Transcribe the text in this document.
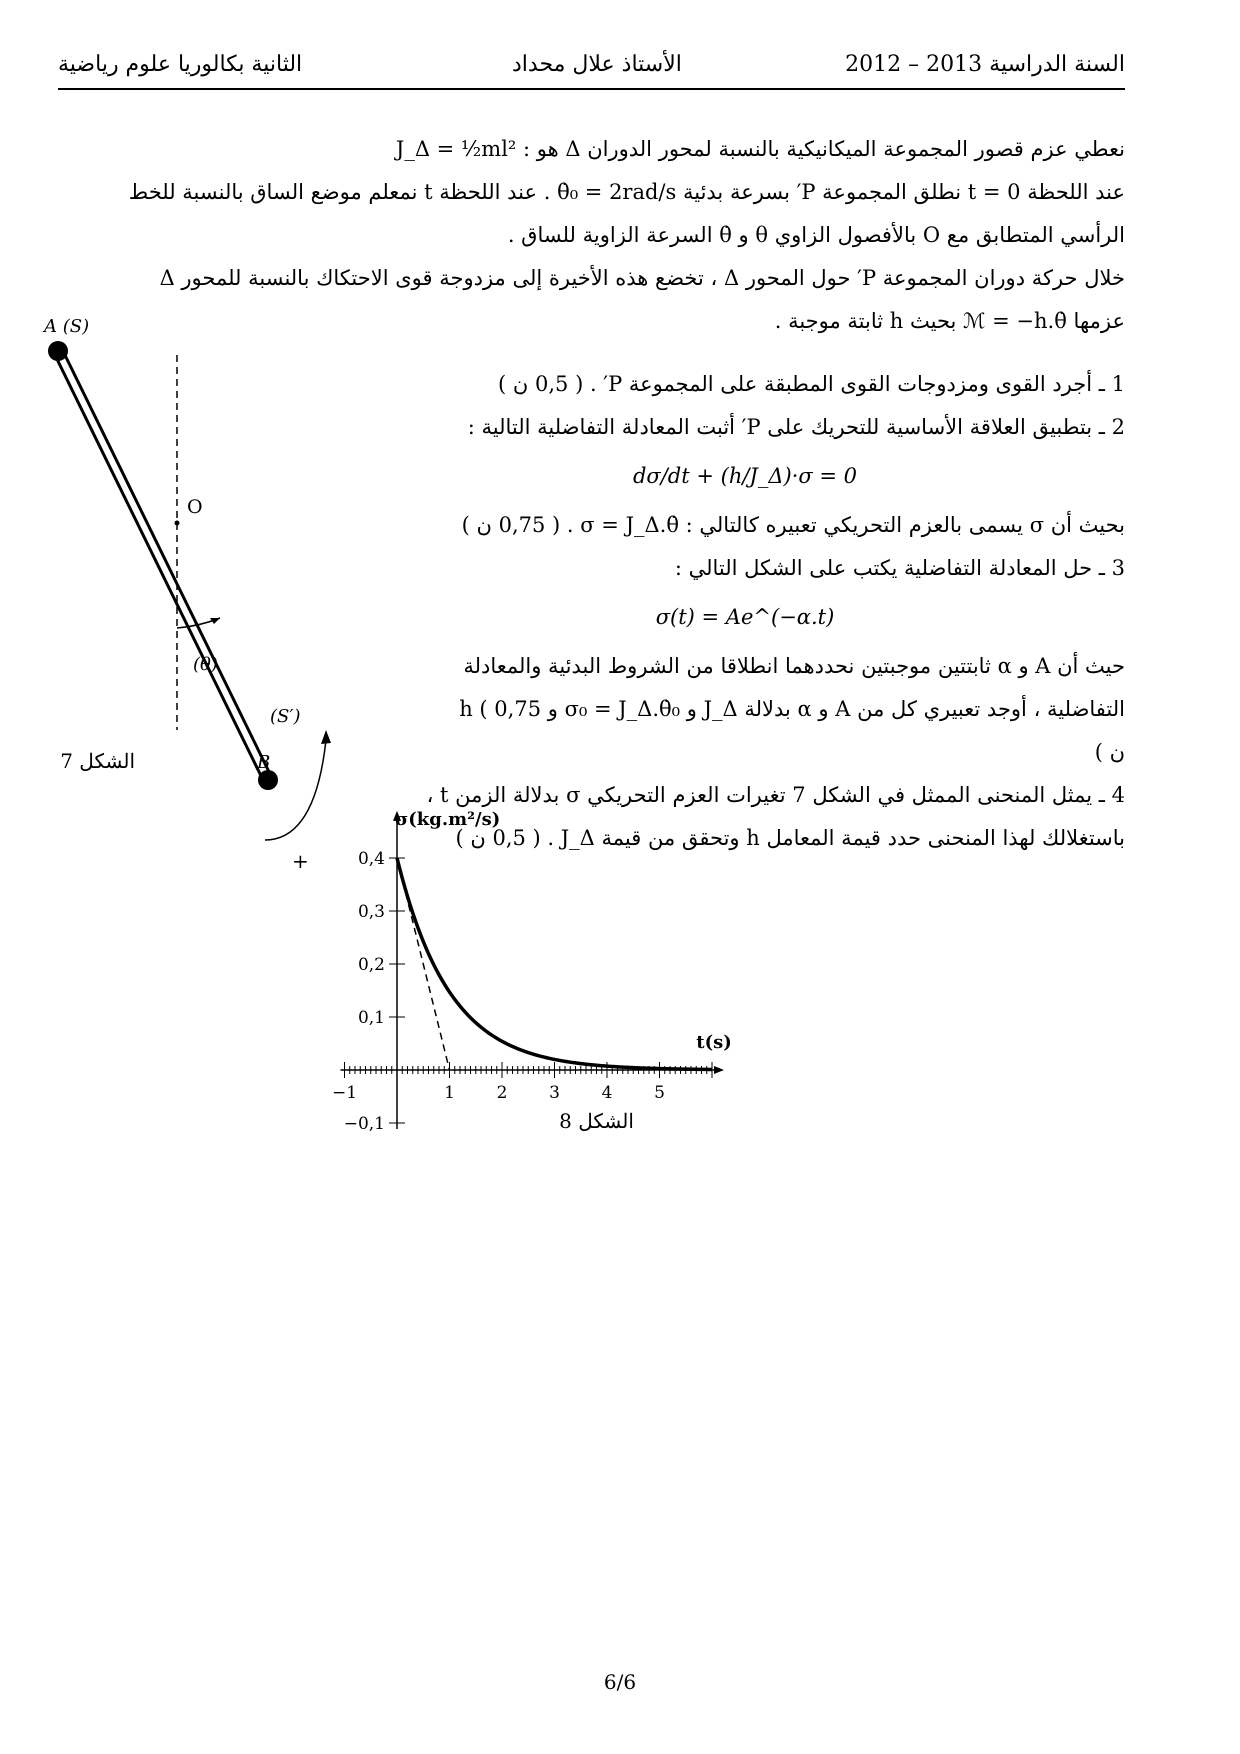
الثانية بكالوريا علوم رياضية	الأستاذ علال محداد	السنة الدراسية 2013 – 2012
نعطي عزم قصور المجموعة الميكانيكية بالنسبة لمحور الدوران Δ هو : J_Δ = ½ml²
عند اللحظة t = 0 نطلق المجموعة P′ بسرعة بدئية θ̇₀ = 2rad/s . عند اللحظة t نمعلم موضع الساق بالنسبة للخط
الرأسي المتطابق مع O بالأفصول الزاوي θ و θ̇ السرعة الزاوية للساق .
خلال حركة دوران المجموعة P′ حول المحور Δ ، تخضع هذه الأخيرة إلى مزدوجة قوى الاحتكاك بالنسبة للمحور Δ
عزمها ℳ = −h.θ̇ بحيث h ثابتة موجبة .
1 ـ أجرد القوى ومزدوجات القوى المطبقة على المجموعة P′ . ( 0,5 ن )
2 ـ بتطبيق العلاقة الأساسية للتحريك على P′ أثبت المعادلة التفاضلية التالية :
dσ/dt + (h/J_Δ)·σ = 0
بحيث أن σ يسمى بالعزم التحريكي تعبيره كالتالي : σ = J_Δ.θ̇ . ( 0,75 ن )
3 ـ حل المعادلة التفاضلية يكتب على الشكل التالي :
σ(t) = Ae^(−α.t)
حيث أن A و α ثابتتين موجبتين نحددهما انطلاقا من الشروط البدئية والمعادلة
التفاضلية ، أوجد تعبيري كل من A و α بدلالة J_Δ و σ₀ = J_Δ.θ̇₀ و h ( 0,75
ن )
4 ـ يمثل المنحنى الممثل في الشكل 7 تغيرات العزم التحريكي σ بدلالة الزمن t ،
باستغلالك لهذا المنحنى حدد قيمة المعامل h وتحقق من قيمة J_Δ . ( 0,5 ن )
A (S)
O
(θ)
(S′)
B
+
الشكل 7
−1	1 2 3 4 5
0,4
0,3
0,2
0,1
−0,1
σ(kg.m²/s)
t(s)
الشكل 8
6/6
